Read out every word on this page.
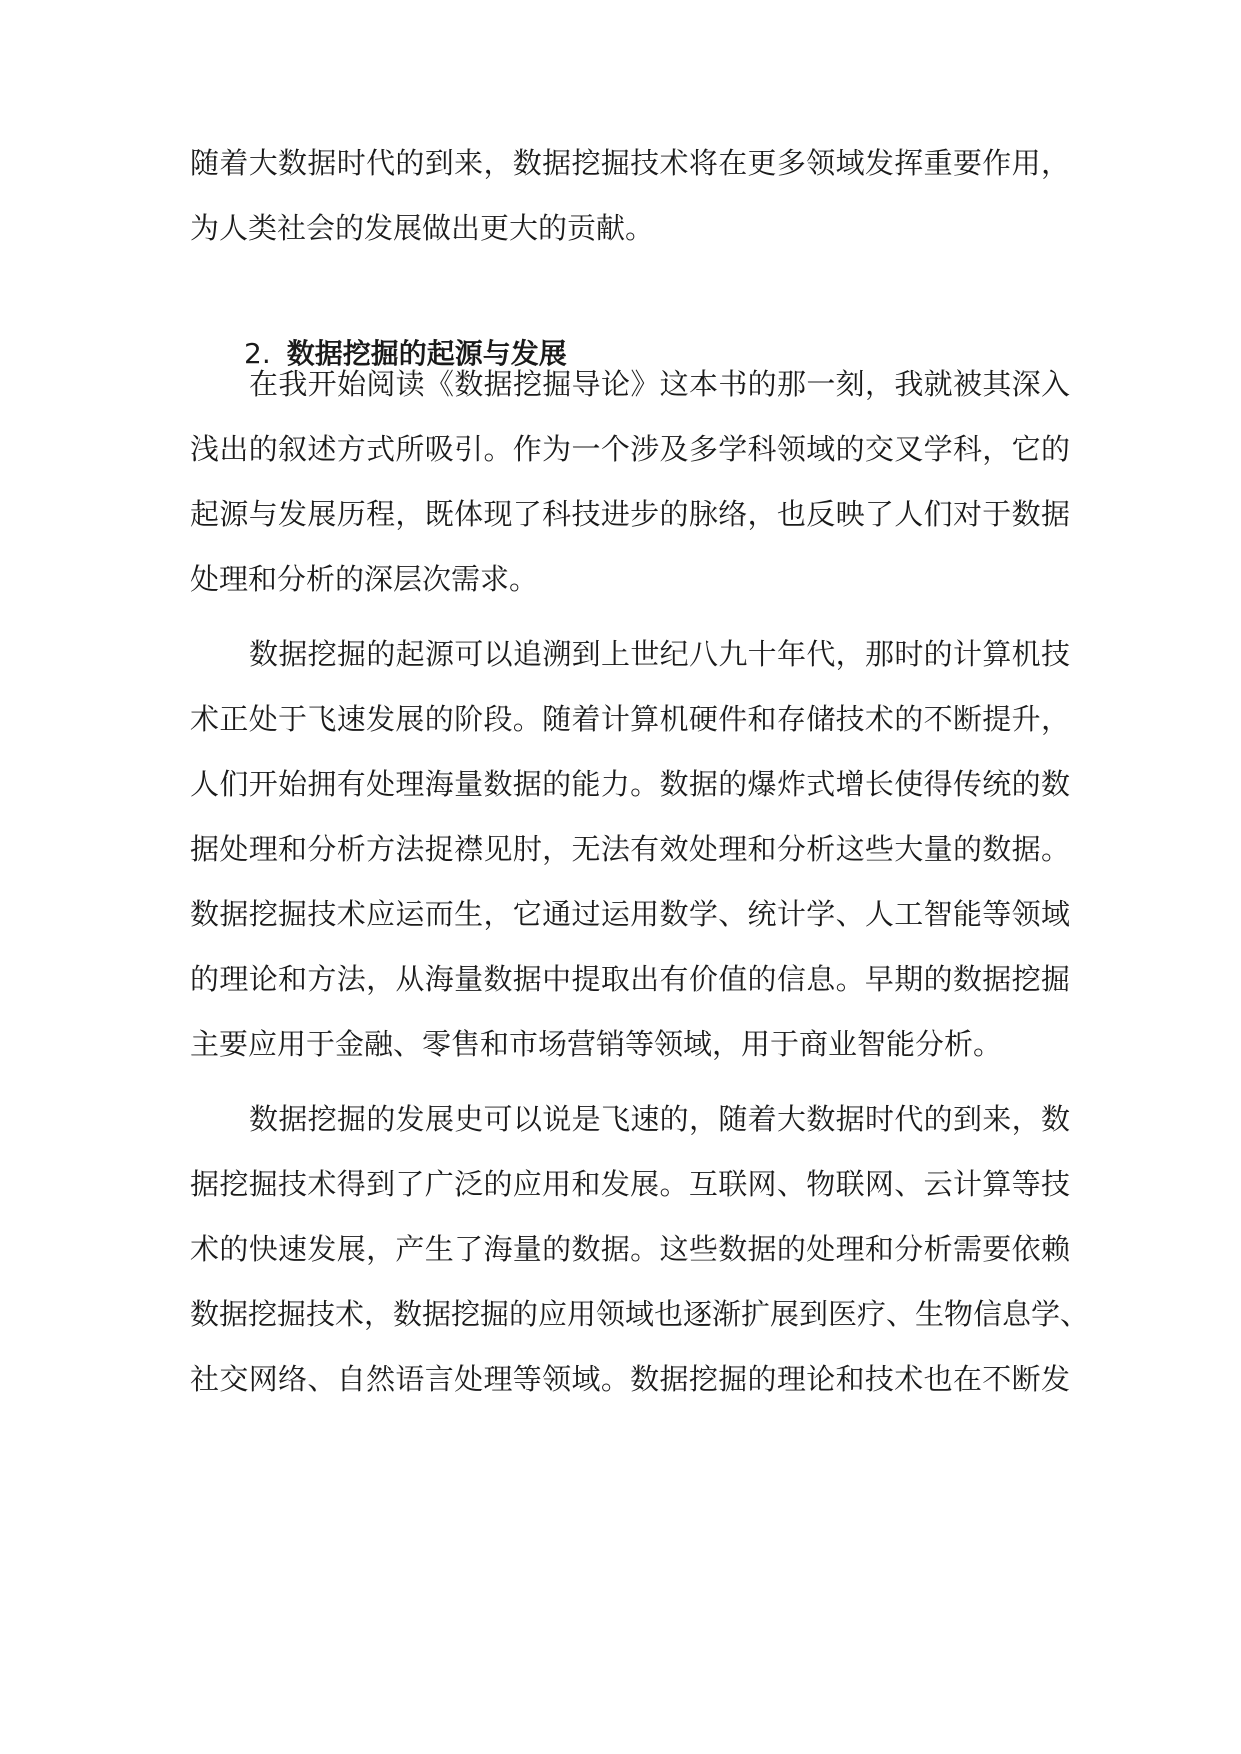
随着大数据时代的到来，数据挖掘技术将在更多领域发挥重要作用，
为人类社会的发展做出更大的贡献。
2. 数据挖掘的起源与发展
在我开始阅读《数据挖掘导论》这本书的那一刻，我就被其深入
浅出的叙述方式所吸引。作为一个涉及多学科领域的交叉学科，它的
起源与发展历程，既体现了科技进步的脉络，也反映了人们对于数据
处理和分析的深层次需求。
数据挖掘的起源可以追溯到上世纪八九十年代，那时的计算机技
术正处于飞速发展的阶段。随着计算机硬件和存储技术的不断提升，
人们开始拥有处理海量数据的能力。数据的爆炸式增长使得传统的数
据处理和分析方法捉襟见肘，无法有效处理和分析这些大量的数据。
数据挖掘技术应运而生，它通过运用数学、统计学、人工智能等领域
的理论和方法，从海量数据中提取出有价值的信息。早期的数据挖掘
主要应用于金融、零售和市场营销等领域，用于商业智能分析。
数据挖掘的发展史可以说是飞速的，随着大数据时代的到来，数
据挖掘技术得到了广泛的应用和发展。互联网、物联网、云计算等技
术的快速发展，产生了海量的数据。这些数据的处理和分析需要依赖
数据挖掘技术，数据挖掘的应用领域也逐渐扩展到医疗、生物信息学、
社交网络、自然语言处理等领域。数据挖掘的理论和技术也在不断发
